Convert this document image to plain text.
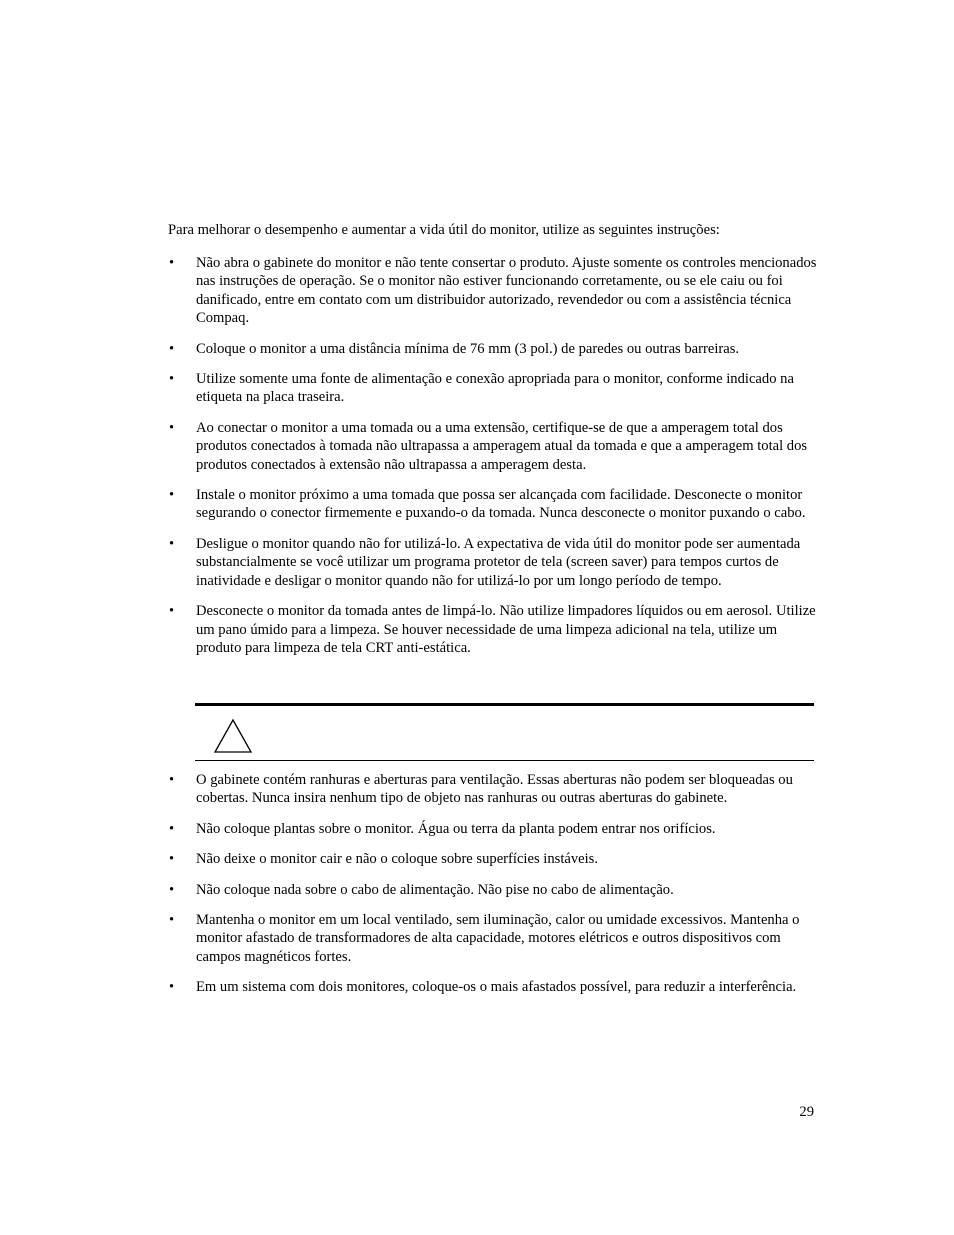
Para melhorar o desempenho e aumentar a vida útil do monitor, utilize as seguintes instruções:

•	Não abra o gabinete do monitor e não tente consertar o produto. Ajuste somente os controles mencionados nas instruções de operação. Se o monitor não estiver funcionando corretamente, ou se ele caiu ou foi danificado, entre em contato com um distribuidor autorizado, revendedor ou com a assistência técnica Compaq.
•	Coloque o monitor a uma distância mínima de 76 mm (3 pol.) de paredes ou outras barreiras.
•	Utilize somente uma fonte de alimentação e conexão apropriada para o monitor, conforme indicado na etiqueta na placa traseira.
•	Ao conectar o monitor a uma tomada ou a uma extensão, certifique-se de que a amperagem total dos produtos conectados à tomada não ultrapassa a amperagem atual da tomada e que a amperagem total dos produtos conectados à extensão não ultrapassa a amperagem desta.
•	Instale o monitor próximo a uma tomada que possa ser alcançada com facilidade. Desconecte o monitor segurando o conector firmemente e puxando-o da tomada. Nunca desconecte o monitor puxando o cabo.
•	Desligue o monitor quando não for utilizá-lo. A expectativa de vida útil do monitor pode ser aumentada substancialmente se você utilizar um programa protetor de tela (screen saver) para tempos curtos de inatividade e desligar o monitor quando não for utilizá-lo por um longo período de tempo.
•	Desconecte o monitor da tomada antes de limpá-lo. Não utilize limpadores líquidos ou em aerosol. Utilize um pano úmido para a limpeza. Se houver necessidade de uma limpeza adicional na tela, utilize um produto para limpeza de tela CRT anti-estática.
•	O gabinete contém ranhuras e aberturas para ventilação. Essas aberturas não podem ser bloqueadas ou cobertas. Nunca insira nenhum tipo de objeto nas ranhuras ou outras aberturas do gabinete.
•	Não coloque plantas sobre o monitor. Água ou terra da planta podem entrar nos orifícios.
•	Não deixe o monitor cair e não o coloque sobre superfícies instáveis.
•	Não coloque nada sobre o cabo de alimentação. Não pise no cabo de alimentação.
•	Mantenha o monitor em um local ventilado, sem iluminação, calor ou umidade excessivos. Mantenha o monitor afastado de transformadores de alta capacidade, motores elétricos e outros dispositivos com campos magnéticos fortes.
•	Em um sistema com dois monitores, coloque-os o mais afastados possível, para reduzir a interferência.

29
